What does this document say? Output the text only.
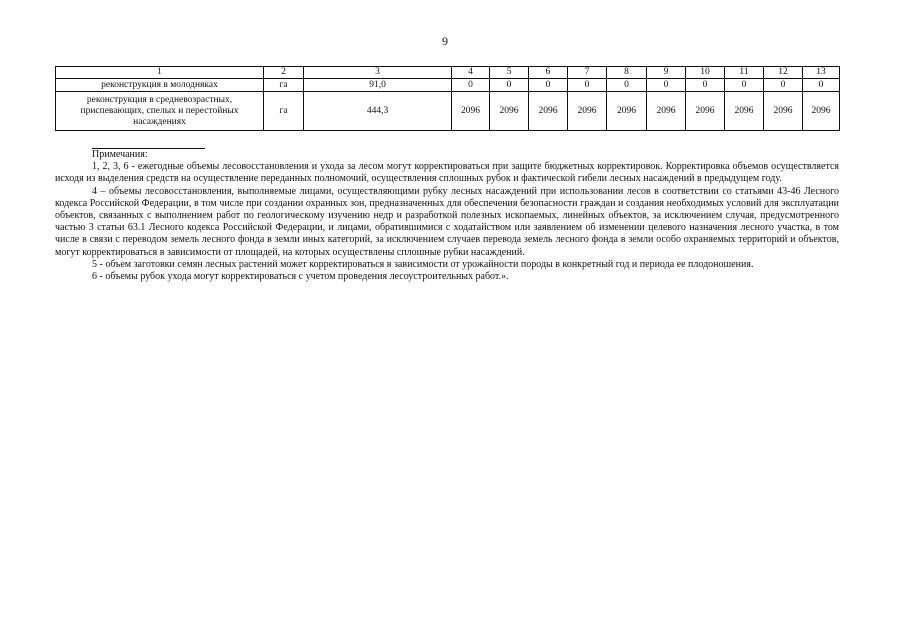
9
1	2	3	4	5	6	7	8	9	10	11	12	13
реконструкция в молодняках	га	91,0	0	0	0	0	0	0	0	0	0	0
реконструкция в средневозрастных, приспевающих, спелых и перестойных насаждениях	га	444,3	2096	2096	2096	2096	2096	2096	2096	2096	2096	2096

Примечания:

1, 2, 3, 6 - ежегодные объемы лесовосстановления и ухода за лесом могут корректироваться при защите бюджетных корректировок. Корректировка объемов осуществляется исходя из выделения средств на осуществление переданных полномочий, осуществления сплошных рубок и фактической гибели лесных насаждений в предыдущем году.

4 – объемы лесовосстановления, выполняемые лицами, осуществляющими рубку лесных насаждений при использовании лесов в соответствии со статьями 43-46 Лесного кодекса Российской Федерации, в том числе при создании охранных зон, предназначенных для обеспечения безопасности граждан и создания необходимых условий для эксплуатации объектов, связанных с выполнением работ по геологическому изучению недр и разработкой полезных ископаемых, линейных объектов, за исключением случая, предусмотренного частью 3 статьи 63.1 Лесного кодекса Российской Федерации, и лицами, обратившимися с ходатайством или заявлением об изменении целевого назначения лесного участка, в том числе в связи с переводом земель лесного фонда в земли иных категорий, за исключением случаев перевода земель лесного фонда в земли особо охраняемых территорий и объектов, могут корректироваться в зависимости от площадей, на которых осуществлены сплошные рубки насаждений.

5 - объем заготовки семян лесных растений может корректироваться в зависимости от урожайности породы в конкретный год и периода ее плодоношения.

6 - объемы рубок ухода могут корректироваться с учетом проведения лесоустроительных работ.».
